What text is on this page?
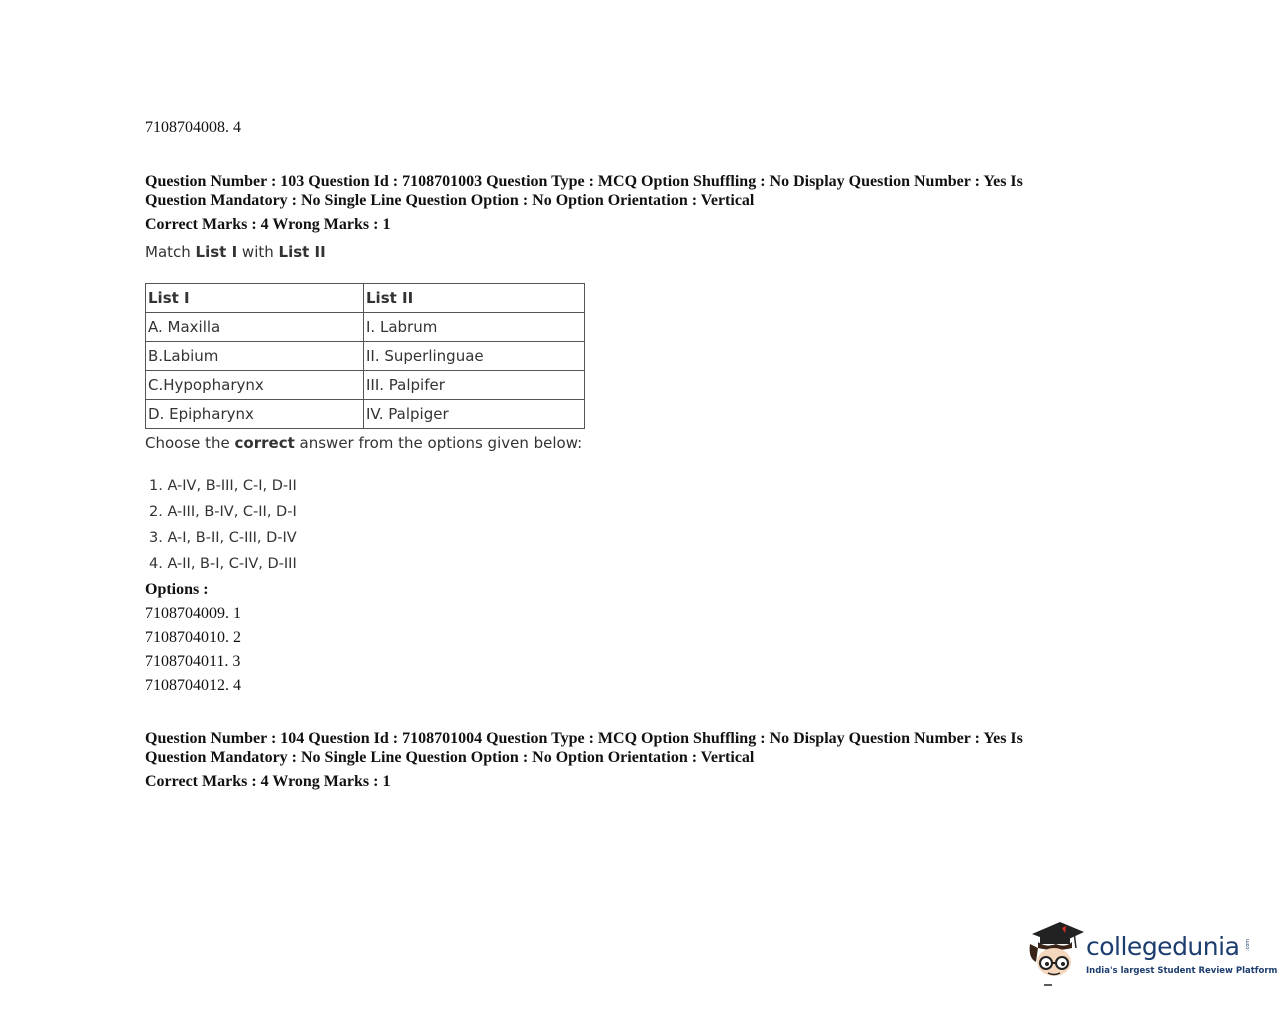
7108704008. 4
Question Number : 103 Question Id : 7108701003 Question Type : MCQ Option Shuffling : No Display Question Number : Yes Is
Question Mandatory : No Single Line Question Option : No Option Orientation : Vertical
Correct Marks : 4 Wrong Marks : 1
Match List I with List II
List I	List II
A. Maxilla	I. Labrum
B.Labium	II. Superlinguae
C.Hypopharynx	III. Palpifer
D. Epipharynx	IV. Palpiger
Choose the correct answer from the options given below:
1. A-IV, B-III, C-I, D-II
2. A-III, B-IV, C-II, D-I
3. A-I, B-II, C-III, D-IV
4. A-II, B-I, C-IV, D-III
Options :
7108704009. 1
7108704010. 2
7108704011. 3
7108704012. 4
Question Number : 104 Question Id : 7108701004 Question Type : MCQ Option Shuffling : No Display Question Number : Yes Is
Question Mandatory : No Single Line Question Option : No Option Orientation : Vertical
Correct Marks : 4 Wrong Marks : 1
collegedunia .com
India's largest Student Review Platform
